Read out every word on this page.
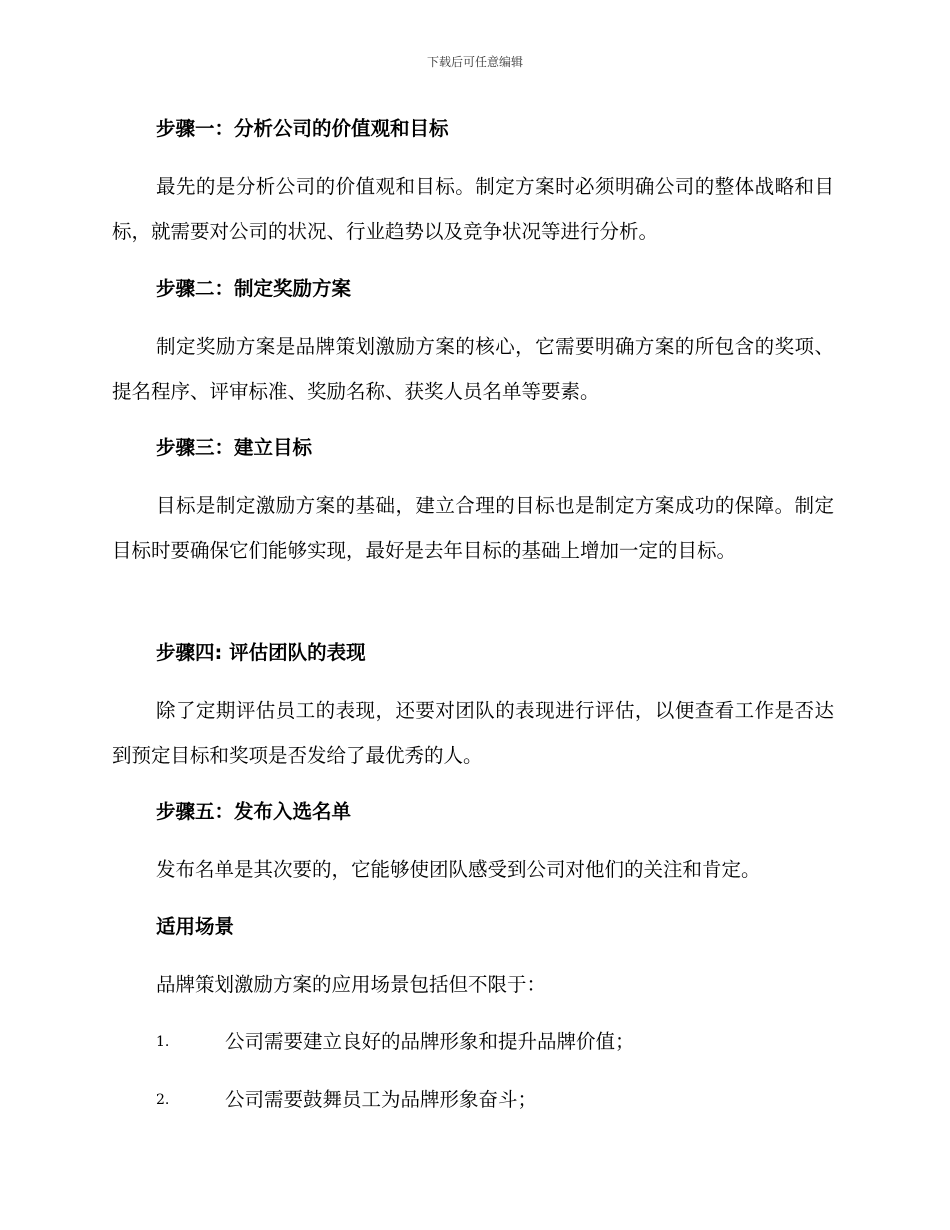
下载后可任意编辑
步骤一：分析公司的价值观和目标
最先的是分析公司的价值观和目标。制定方案时必须明确公司的整体战略和目标，就需要对公司的状况、行业趋势以及竞争状况等进行分析。
步骤二：制定奖励方案
制定奖励方案是品牌策划激励方案的核心，它需要明确方案的所包含的奖项、提名程序、评审标准、奖励名称、获奖人员名单等要素。
步骤三：建立目标
目标是制定激励方案的基础，建立合理的目标也是制定方案成功的保障。制定目标时要确保它们能够实现，最好是去年目标的基础上增加一定的目标。
步骤四: 评估团队的表现
除了定期评估员工的表现，还要对团队的表现进行评估，以便查看工作是否达到预定目标和奖项是否发给了最优秀的人。
步骤五：发布入选名单
发布名单是其次要的，它能够使团队感受到公司对他们的关注和肯定。
适用场景
品牌策划激励方案的应用场景包括但不限于：
1.	公司需要建立良好的品牌形象和提升品牌价值；
2.	公司需要鼓舞员工为品牌形象奋斗；
